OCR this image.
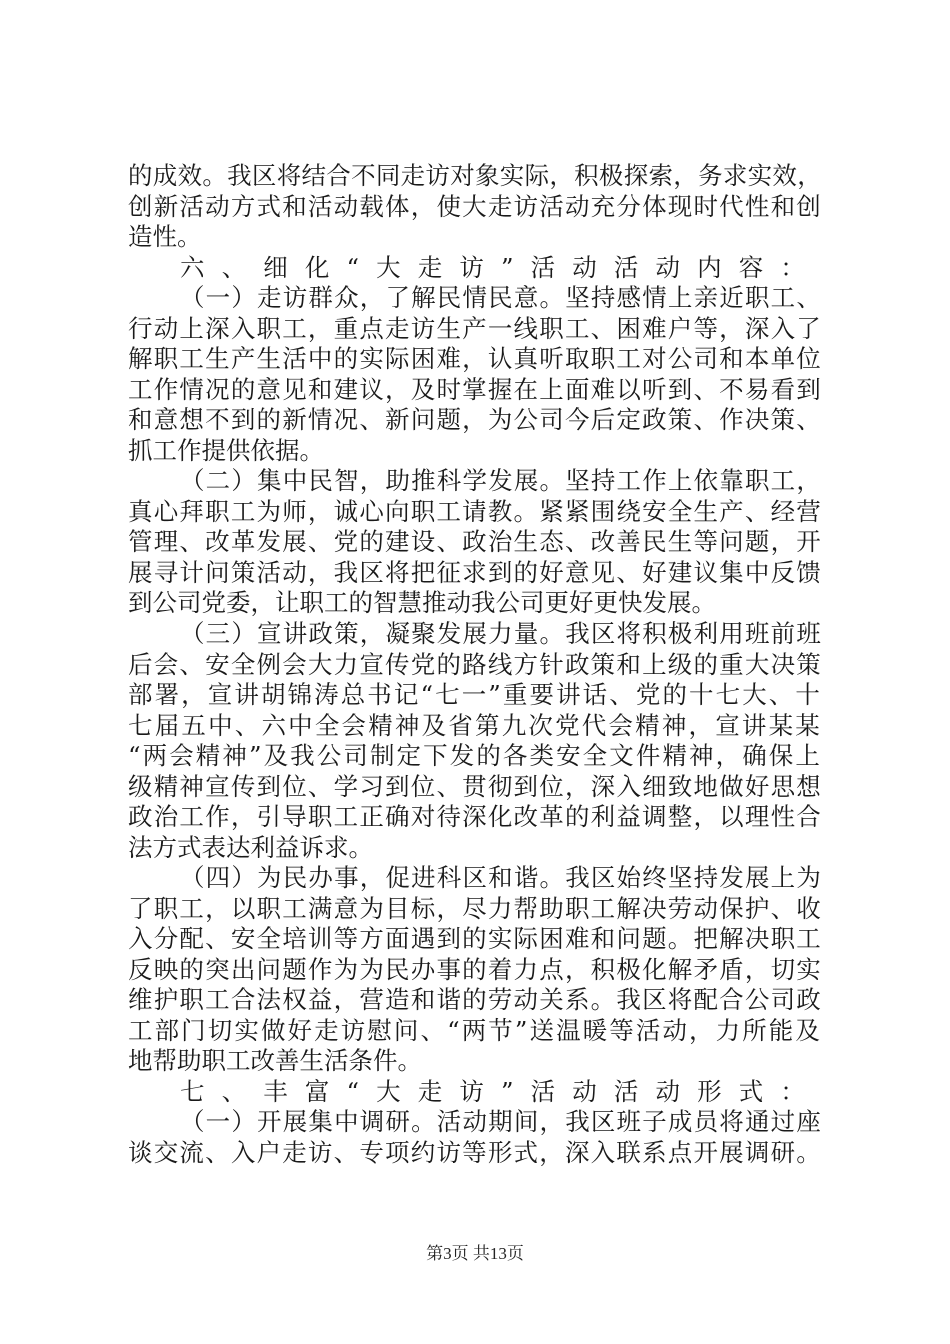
的成效。我区将结合不同走访对象实际，积极探索，务求实效，
创新活动方式和活动载体，使大走访活动充分体现时代性和创
造性。
六、细化“大走访”活动活动内容：
（一）走访群众，了解民情民意。坚持感情上亲近职工、
行动上深入职工，重点走访生产一线职工、困难户等，深入了
解职工生产生活中的实际困难，认真听取职工对公司和本单位
工作情况的意见和建议，及时掌握在上面难以听到、不易看到
和意想不到的新情况、新问题，为公司今后定政策、作决策、
抓工作提供依据。
（二）集中民智，助推科学发展。坚持工作上依靠职工，
真心拜职工为师，诚心向职工请教。紧紧围绕安全生产、经营
管理、改革发展、党的建设、政治生态、改善民生等问题，开
展寻计问策活动，我区将把征求到的好意见、好建议集中反馈
到公司党委，让职工的智慧推动我公司更好更快发展。
（三）宣讲政策，凝聚发展力量。我区将积极利用班前班
后会、安全例会大力宣传党的路线方针政策和上级的重大决策
部署，宣讲胡锦涛总书记“七一”重要讲话、党的十七大、十
七届五中、六中全会精神及省第九次党代会精神，宣讲某某
“两会精神”及我公司制定下发的各类安全文件精神，确保上
级精神宣传到位、学习到位、贯彻到位，深入细致地做好思想
政治工作，引导职工正确对待深化改革的利益调整，以理性合
法方式表达利益诉求。
（四）为民办事，促进科区和谐。我区始终坚持发展上为
了职工，以职工满意为目标，尽力帮助职工解决劳动保护、收
入分配、安全培训等方面遇到的实际困难和问题。把解决职工
反映的突出问题作为为民办事的着力点，积极化解矛盾，切实
维护职工合法权益，营造和谐的劳动关系。我区将配合公司政
工部门切实做好走访慰问、“两节”送温暖等活动，力所能及
地帮助职工改善生活条件。
七、丰富“大走访”活动活动形式：
（一）开展集中调研。活动期间，我区班子成员将通过座
谈交流、入户走访、专项约访等形式，深入联系点开展调研。
第3页 共13页
